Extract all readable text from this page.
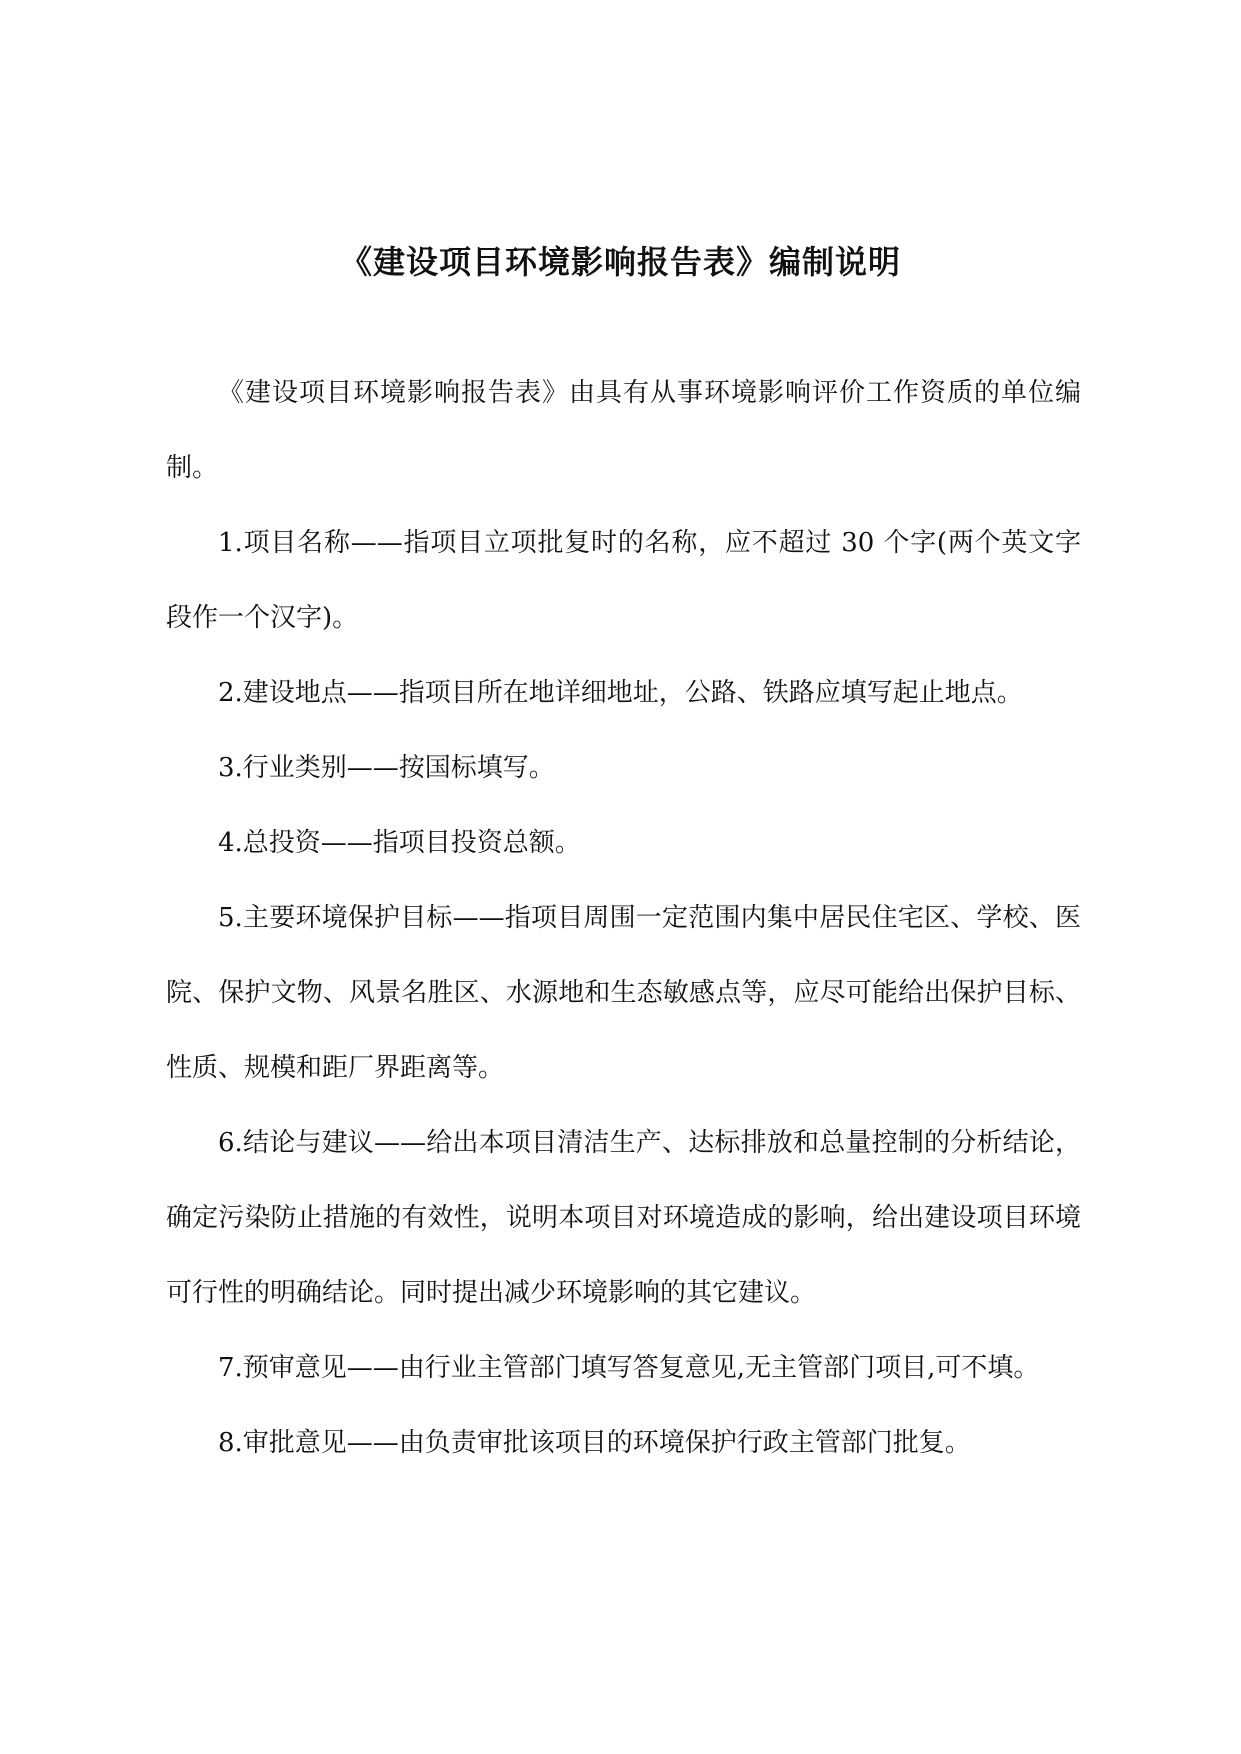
《建设项目环境影响报告表》编制说明

《建设项目环境影响报告表》由具有从事环境影响评价工作资质的单位编制。

1.项目名称——指项目立项批复时的名称，应不超过 30 个字(两个英文字段作一个汉字)。

2.建设地点——指项目所在地详细地址，公路、铁路应填写起止地点。

3.行业类别——按国标填写。

4.总投资——指项目投资总额。

5.主要环境保护目标——指项目周围一定范围内集中居民住宅区、学校、医院、保护文物、风景名胜区、水源地和生态敏感点等，应尽可能给出保护目标、性质、规模和距厂界距离等。

6.结论与建议——给出本项目清洁生产、达标排放和总量控制的分析结论，确定污染防止措施的有效性，说明本项目对环境造成的影响，给出建设项目环境可行性的明确结论。同时提出减少环境影响的其它建议。

7.预审意见——由行业主管部门填写答复意见,无主管部门项目,可不填。

8.审批意见——由负责审批该项目的环境保护行政主管部门批复。
